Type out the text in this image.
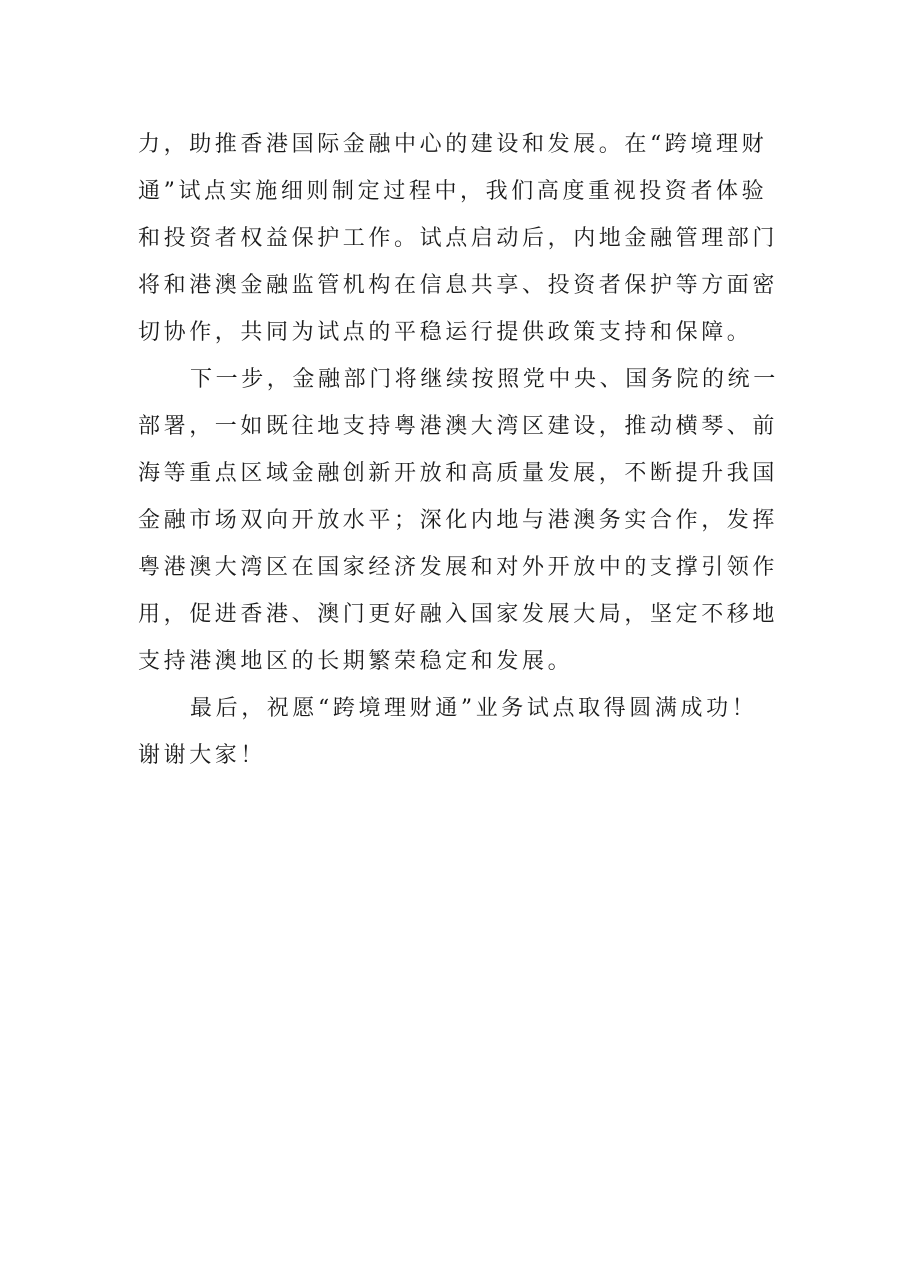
力，助推香港国际金融中心的建设和发展。在“跨境理财
通”试点实施细则制定过程中，我们高度重视投资者体验
和投资者权益保护工作。试点启动后，内地金融管理部门
将和港澳金融监管机构在信息共享、投资者保护等方面密
切协作，共同为试点的平稳运行提供政策支持和保障。
下一步，金融部门将继续按照党中央、国务院的统一
部署，一如既往地支持粤港澳大湾区建设，推动横琴、前
海等重点区域金融创新开放和高质量发展，不断提升我国
金融市场双向开放水平；深化内地与港澳务实合作，发挥
粤港澳大湾区在国家经济发展和对外开放中的支撑引领作
用，促进香港、澳门更好融入国家发展大局，坚定不移地
支持港澳地区的长期繁荣稳定和发展。
最后，祝愿“跨境理财通”业务试点取得圆满成功！
谢谢大家！
